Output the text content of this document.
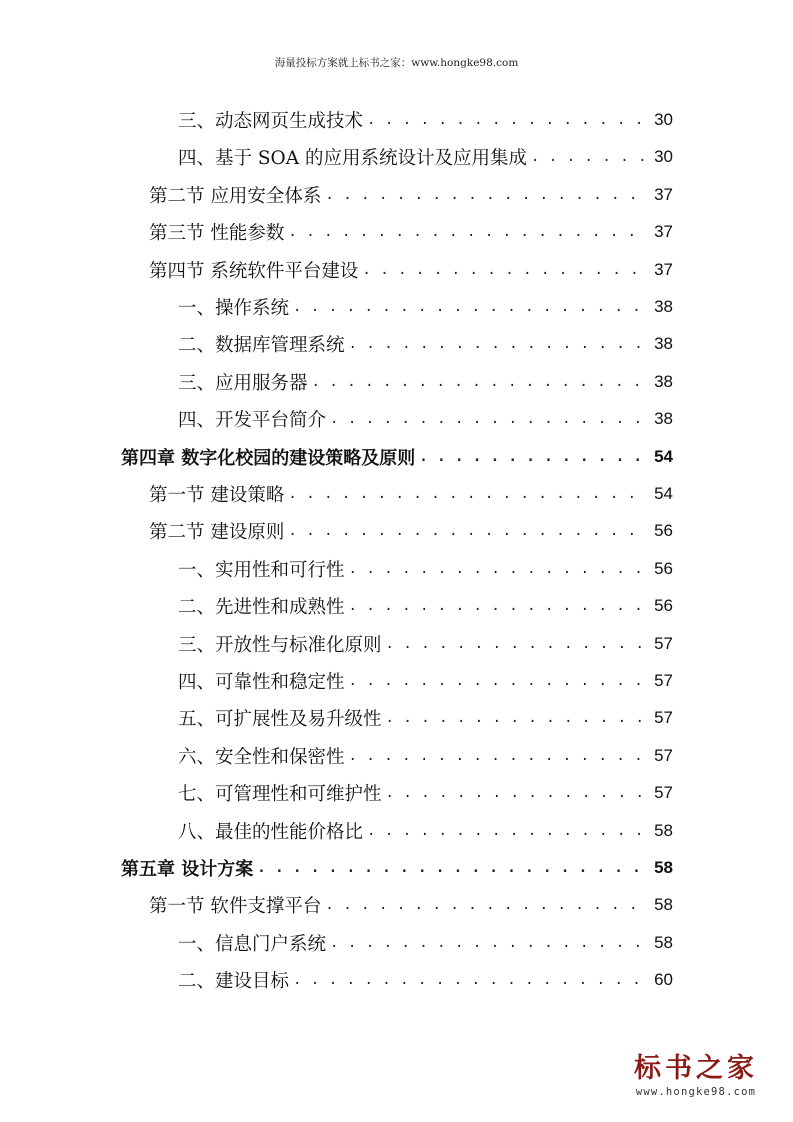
海量投标方案就上标书之家：www.hongke98.com
三、动态网页生成技术 . . .	30
四、基于 SOA 的应用系统设计及应用集成 . . .	30
第二节 应用安全体系 . . .	37
第三节 性能参数 . . .	37
第四节 系统软件平台建设 . . .	37
一、操作系统 . . .	38
二、数据库管理系统 . . .	38
三、应用服务器 . . .	38
四、开发平台简介 . . .	38
第四章 数字化校园的建设策略及原则 . . .	54
第一节 建设策略 . . .	54
第二节 建设原则 . . .	56
一、实用性和可行性 . . .	56
二、先进性和成熟性 . . .	56
三、开放性与标准化原则 . . .	57
四、可靠性和稳定性 . . .	57
五、可扩展性及易升级性 . . .	57
六、安全性和保密性 . . .	57
七、可管理性和可维护性 . . .	57
八、最佳的性能价格比 . . .	58
第五章 设计方案 . . .	58
第一节 软件支撑平台 . . .	58
一、信息门户系统 . . .	58
二、建设目标 . . .	60
标书之家
www.hongke98.com
